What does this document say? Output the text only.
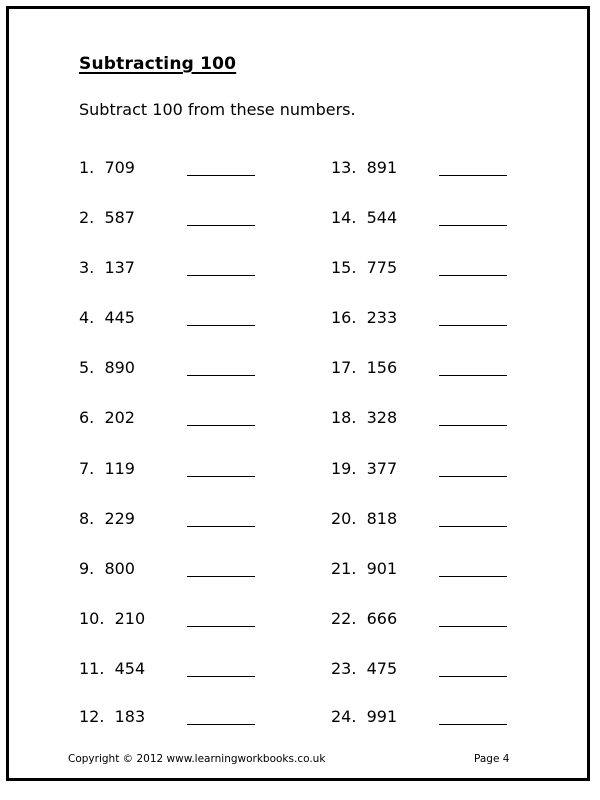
Subtracting 100
Subtract 100 from these numbers.
1.  709
2.  587
3.  137
4.  445
5.  890
6.  202
7.  119
8.  229
9.  800
10.  210
11.  454
12.  183
13.  891
14.  544
15.  775
16.  233
17.  156
18.  328
19.  377
20.  818
21.  901
22.  666
23.  475
24.  991
Copyright © 2012 www.learningworkbooks.co.uk	Page 4
